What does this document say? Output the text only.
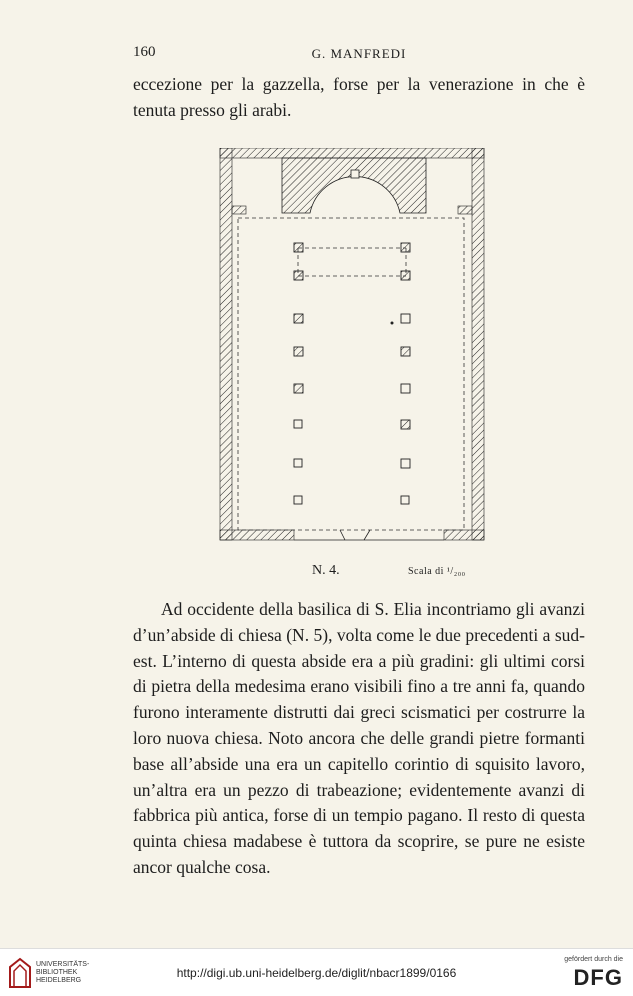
160	G. MANFREDI
eccezione per la gazzella, forse per la venerazione in che è tenuta presso gli arabi.
N. 4.	Scala di ¹/₂₀₀
Ad occidente della basilica di S. Elia incontriamo gli avanzi d’un’abside di chiesa (N. 5), volta come le due precedenti a sud-est. L’interno di questa abside era a più gradini: gli ultimi corsi di pietra della medesima erano visibili fino a tre anni fa, quando furono interamente distrutti dai greci scismatici per costrurre la loro nuova chiesa. Noto ancora che delle grandi pietre formanti base all’abside una era un capitello corintio di squisito lavoro, un’altra era un pezzo di trabeazione; evidentemente avanzi di fabbrica più antica, forse di un tempio pagano. Il resto di questa quinta chiesa madabese è tuttora da scoprire, se pure ne esiste ancor qualche cosa.
UNIVERSITÄTS-
BIBLIOTHEK
HEIDELBERG
http://digi.ub.uni-heidelberg.de/diglit/nbacr1899/0166
gefördert durch die
DFG
